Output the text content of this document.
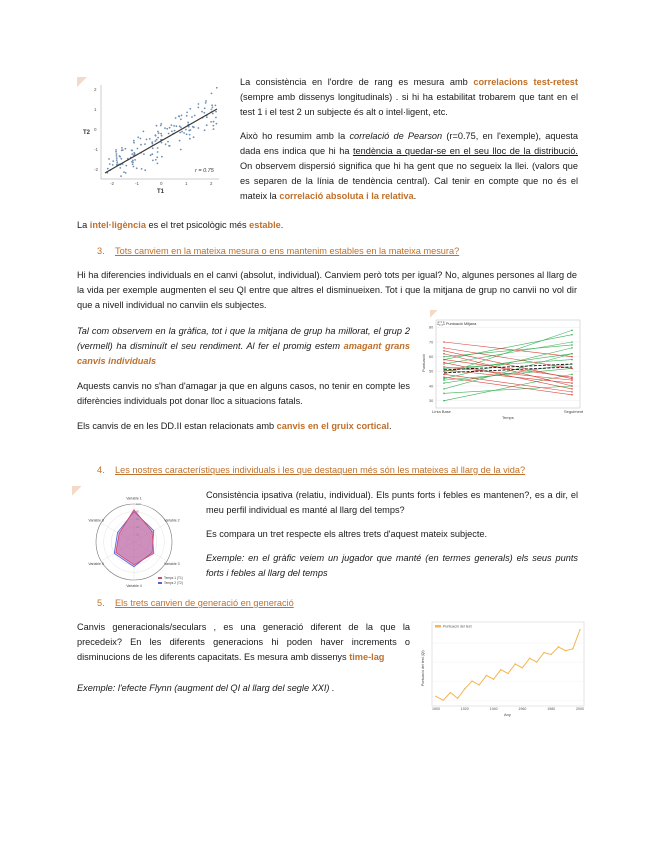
2
1
0
-1
-2
-2	-1	0	1	2
T2
T1
r = 0.75

La consistència en l'ordre de rang es mesura amb correlacions test-retest (sempre amb dissenys longitudinals) . si hi ha estabilitat trobarem que tant en el test 1 i el test 2 un subjecte és alt o intel·ligent, etc.

Això ho resumim amb la correlació de Pearson (r=0.75, en l'exemple), aquesta dada ens indica que hi ha tendència a quedar-se en el seu lloc de la distribució. On observem dispersió significa que hi ha gent que no segueix la llei. (valors que es separen de la línia de tendència central). Cal tenir en compte que no és el mateix la correlació absoluta i la relativa.

La intel·ligència es el tret psicològic més estable.

3. Tots canviem en la mateixa mesura o ens mantenim estables en la mateixa mesura?

Hi ha diferencies individuals en el canvi (absolut, individual). Canviem però tots per igual? No, algunes persones al llarg de la vida per exemple augmenten el seu QI entre que altres el disminueixen. Tot i que la mitjana de grup no canvii no vol dir que a nivell individual no canviin els subjectes.

Tal com observem en la gràfica, tot i que la mitjana de grup ha millorat, el grup 2 (vermell) ha disminuït el seu rendiment. Al fer el promig estem amagant grans canvis individuals

Aquests canvis no s'han d'amagar ja que en alguns casos, no tenir en compte les diferències individuals pot donar lloc a situacions fatals.

Els canvis de en les DD.II estan relacionats amb canvis en el gruix cortical.

Puntuació Mitjana
80
70
60
50
40
30
Línia Base	Seguiment
Temps
Puntuació
4. Les nostres característiques individuals i les que destaquen més són les mateixes al llarg de la vida?
Variable 1
Variable 2
Variable 3
Variable 4
Variable 5
Variable 6
20
40
60
80
100
Temps 1 (T1)
Temps 2 (T2)

Consistència ipsativa (relatiu, individual). Els punts forts i febles es mantenen?, es a dir, el meu perfil individual es manté al llarg del temps?

Es compara un tret respecte els altres trets d'aquest mateix subjecte.

Exemple: en el gràfic veiem un jugador que manté (en termes generals) els seus punts forts i febles al llarg del temps

5. Els trets canvien de generació en generació

Canvis generacionals/seculars , es una generació diferent de la que la precedeix? En les diferents generacions hi poden haver increments o disminucions de les diferents capacitats. Es mesura amb dissenys time-lag

Exemple: l'efecte Flynn (augment del QI al llarg del segle XXI) .

1900	1920	1940	1960	1980	2000
Puntuació del test
Any
Puntuació del test (QI)
